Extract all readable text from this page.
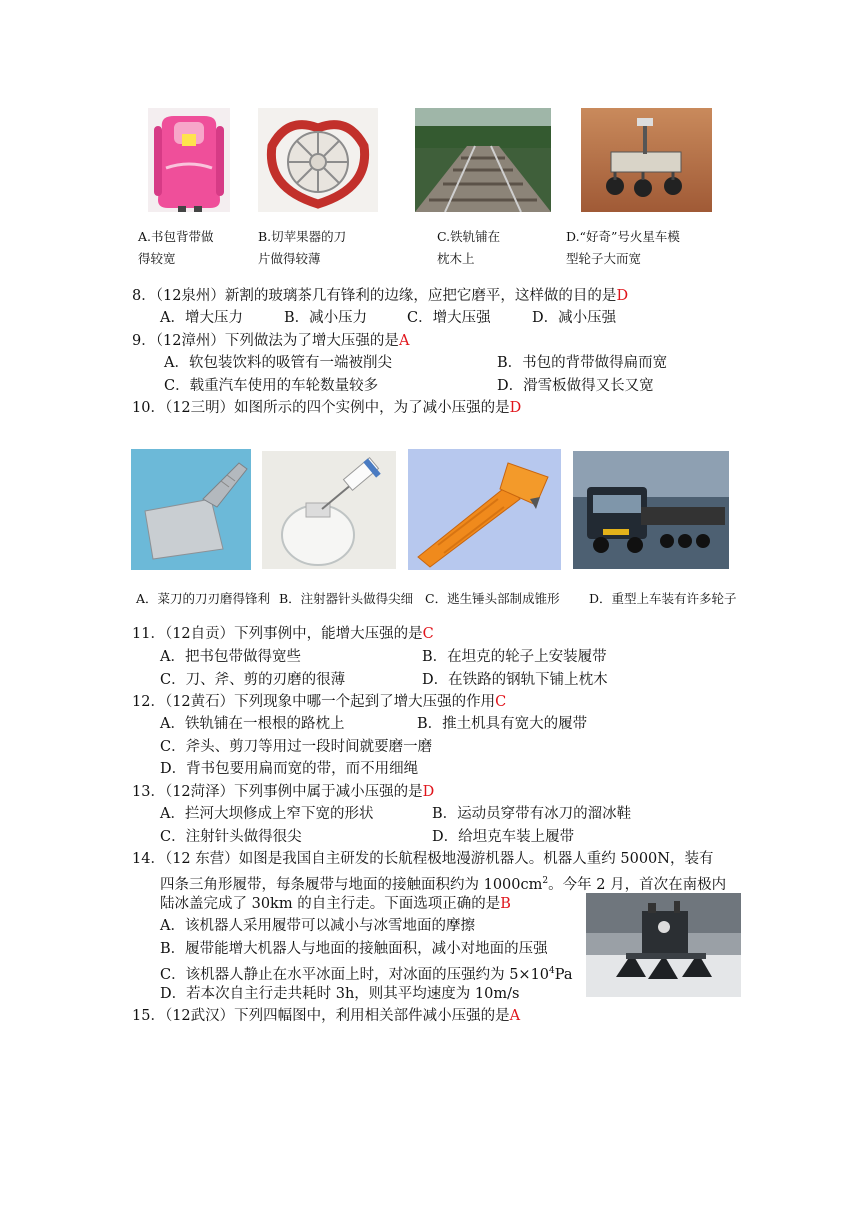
A.书包背带做
得较宽
B.切苹果器的刀
片做得较薄
C.铁轨铺在
枕木上
D.“好奇”号火星车模
型轮子大而宽
8．（12泉州）新割的玻璃茶几有锋利的边缘，应把它磨平，这样做的目的是D
A．增大压力	B．减小压力	C．增大压强	D．减小压强
9．（12漳州）下列做法为了增大压强的是A
A．软包装饮料的吸管有一端被削尖	B．书包的背带做得扁而宽
C．载重汽车使用的车轮数量较多	D．滑雪板做得又长又宽
10．（12三明）如图所示的四个实例中，为了减小压强的是D
A．菜刀的刀刃磨得锋利 B．注射器针头做得尖细 C．逃生锤头部制成锥形 D．重型上车装有许多轮子
11．（12自贡）下列事例中，能增大压强的是C
A．把书包带做得宽些	B．在坦克的轮子上安装履带
C．刀、斧、剪的刃磨的很薄	D．在铁路的钢轨下铺上枕木
12．（12黄石）下列现象中哪一个起到了增大压强的作用C
A．铁轨铺在一根根的路枕上	B．推土机具有宽大的履带
C．斧头、剪刀等用过一段时间就要磨一磨
D．背书包要用扁而宽的带，而不用细绳
13．（12菏泽）下列事例中属于减小压强的是D
A．拦河大坝修成上窄下宽的形状	B．运动员穿带有冰刀的溜冰鞋
C．注射针头做得很尖	D．给坦克车装上履带
14．（12 东营）如图是我国自主研发的长航程极地漫游机器人。机器人重约 5000N，装有
四条三角形履带，每条履带与地面的接触面积约为 $1000cm^2$。今年 2 月，首次在南极内
陆冰盖完成了 30km 的自主行走。下面选项正确的是B
A．该机器人采用履带可以减小与冰雪地面的摩擦
B．履带能增大机器人与地面的接触面积，减小对地面的压强
C．该机器人静止在水平冰面上时，对冰面的压强约为 $5\times 10^4Pa$
D．若本次自主行走共耗时 3h，则其平均速度为 10m/s
15．（12武汉）下列四幅图中，利用相关部件减小压强的是A
